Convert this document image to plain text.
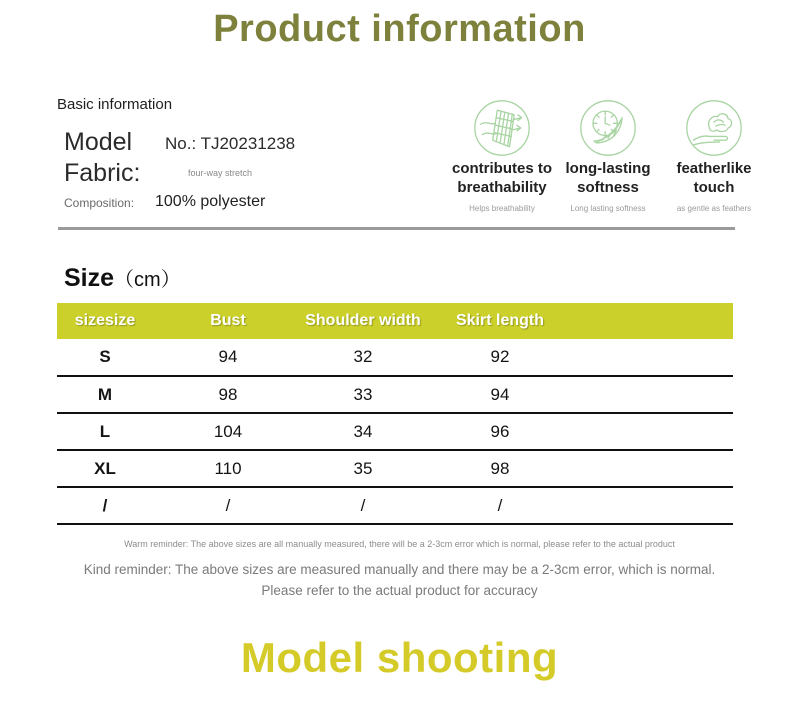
Product information
Basic information
Model No.: TJ20231238
Fabric:	four-way stretch
Composition: 100% polyester
contributes to breathability
Helps breathability
long-lasting softness
Long lasting softness
featherlike touch
as gentle as feathers
Size（cm）
sizesize	Bust	Shoulder width	Skirt length	
S	94	32	92	
M	98	33	94	
L	104	34	96	
XL	110	35	98	
/	/	/	/	
Warm reminder: The above sizes are all manually measured, there will be a 2-3cm error which is normal, please refer to the actual product
Kind reminder: The above sizes are measured manually and there may be a 2-3cm error, which is normal.
Please refer to the actual product for accuracy
Model shooting
